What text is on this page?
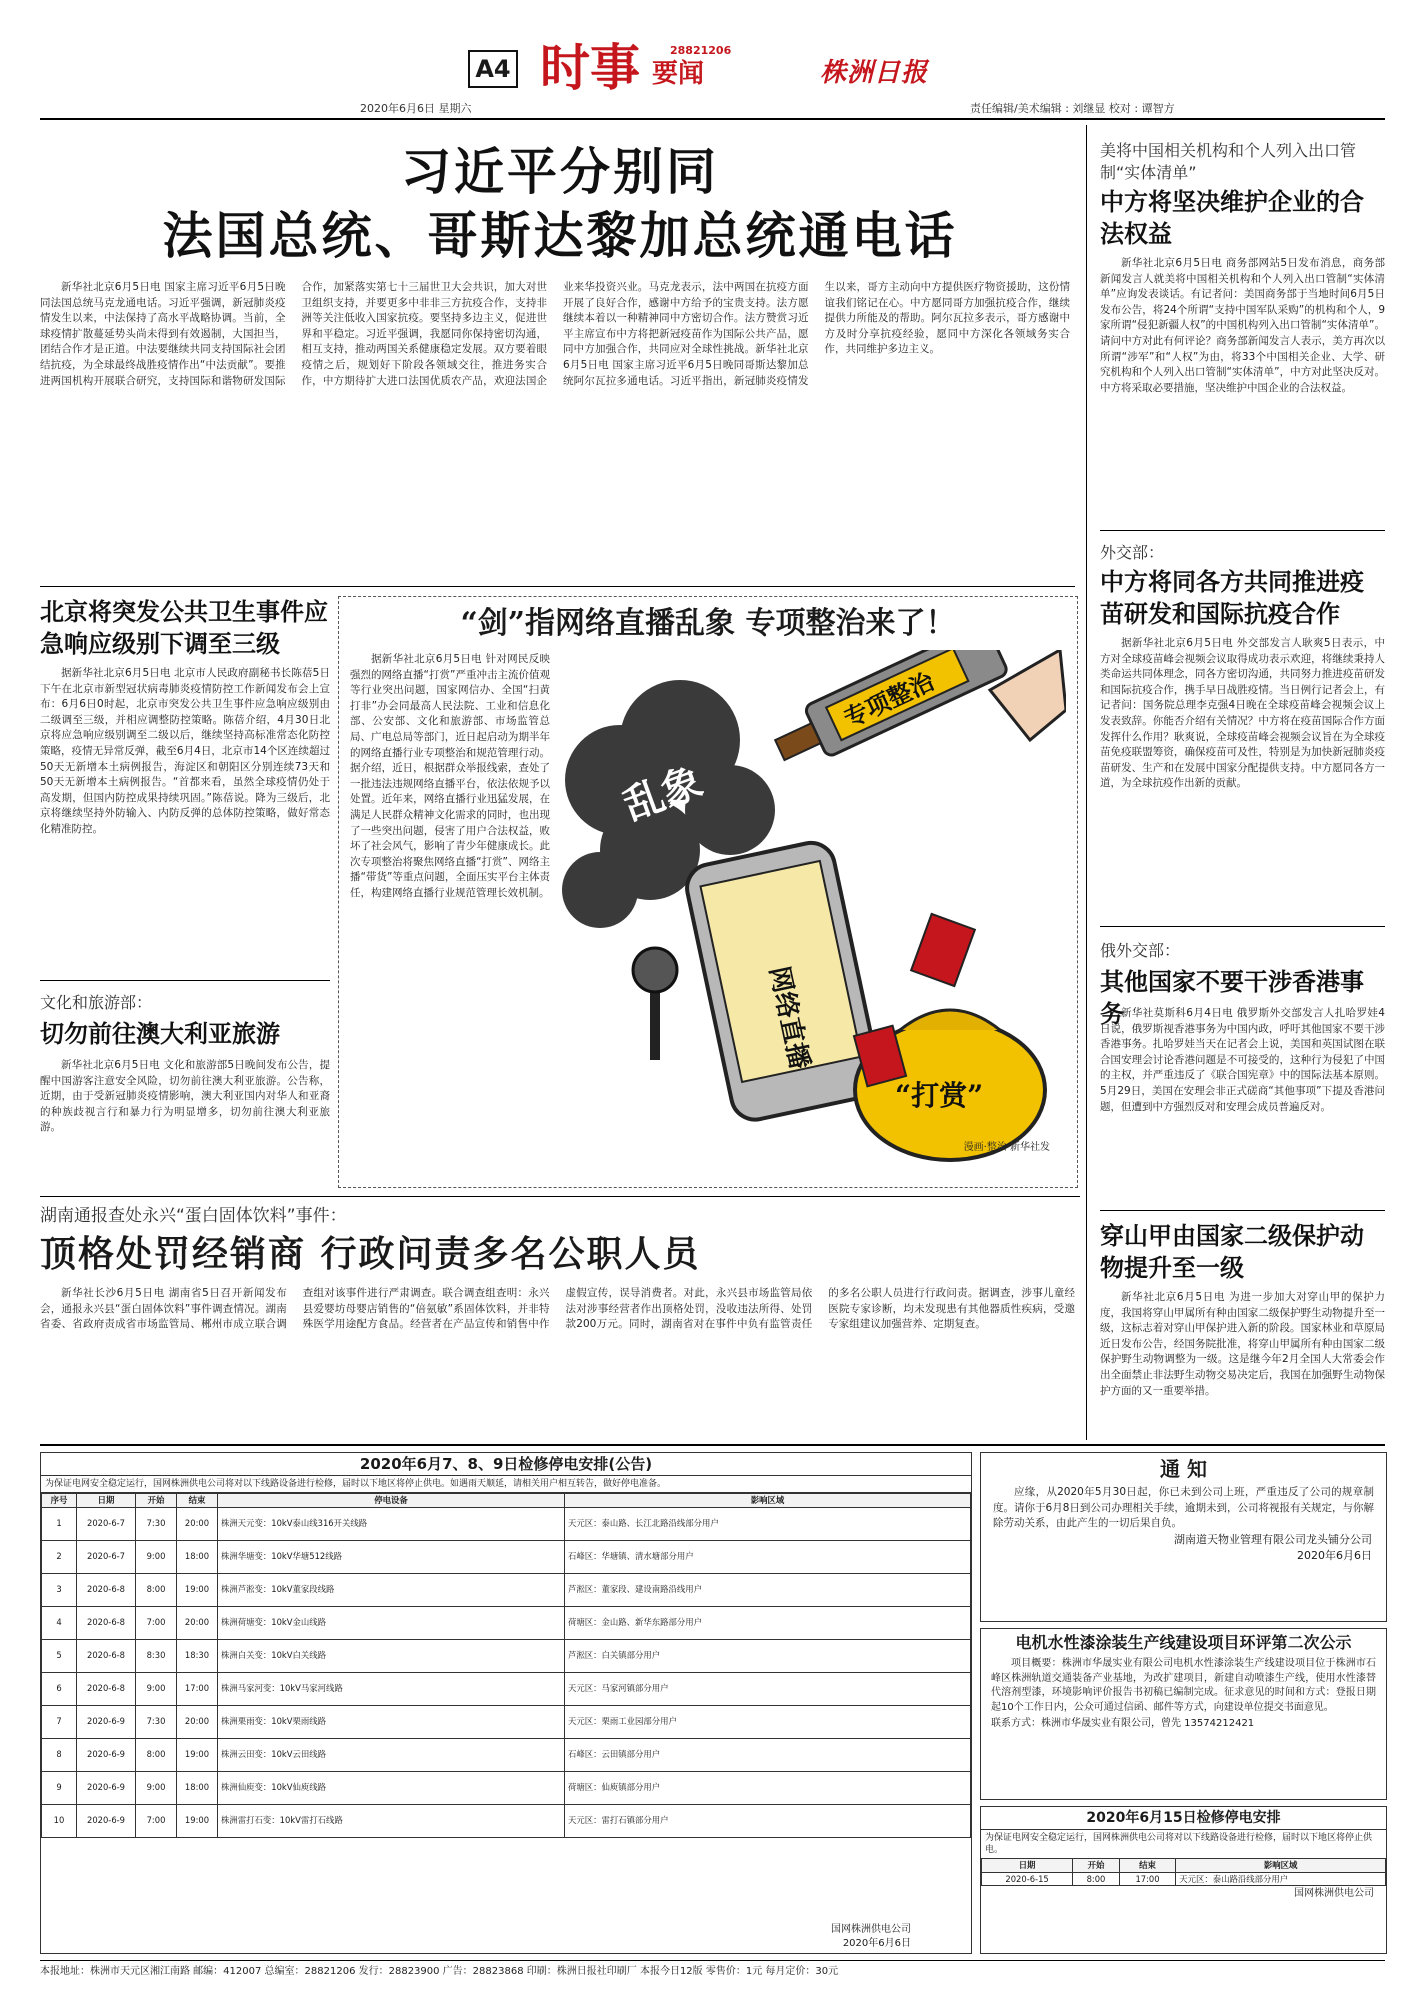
A4 时事 要闻
28821206
株洲日报
2020年6月6日 星期六	责任编辑/美术编辑 : 刘继显 校对 : 谭智方
习近平分别同
法国总统、哥斯达黎加总统通电话

新华社北京6月5日电 国家主席习近平6月5日晚同法国总统马克龙通电话。习近平强调，新冠肺炎疫情发生以来，中法保持了高水平战略协调。当前，全球疫情扩散蔓延势头尚未得到有效遏制，大国担当，团结合作才是正道。中法要继续共同支持国际社会团结抗疫，为全球最终战胜疫情作出“中法贡献”。要推进两国机构开展联合研究，支持国际和谐物研发国际合作，加紧落实第七十三届世卫大会共识，加大对世卫组织支持，并要更多中非非三方抗疫合作，支持非洲等关注低收入国家抗疫。要坚持多边主义，促进世界和平稳定。习近平强调，我愿同你保持密切沟通，相互支持，推动两国关系健康稳定发展。双方要着眼疫情之后，规划好下阶段各领域交往，推进务实合作，中方期待扩大进口法国优质农产品，欢迎法国企业来华投资兴业。马克龙表示，法中两国在抗疫方面开展了良好合作，感谢中方给予的宝贵支持。法方愿继续本着以一种精神同中方密切合作。法方赞赏习近平主席宣布中方将把新冠疫苗作为国际公共产品，愿同中方加强合作，共同应对全球性挑战。新华社北京6月5日电 国家主席习近平6月5日晚同哥斯达黎加总统阿尔瓦拉多通电话。习近平指出，新冠肺炎疫情发生以来，哥方主动向中方提供医疗物资援助，这份情谊我们铭记在心。中方愿同哥方加强抗疫合作，继续提供力所能及的帮助。阿尔瓦拉多表示，哥方感谢中方及时分享抗疫经验，愿同中方深化各领域务实合作，共同维护多边主义。

美将中国相关机构和个人列入出口管制“实体清单”
中方将坚决维护企业的合法权益

新华社北京6月5日电 商务部网站5日发布消息，商务部新闻发言人就美将中国相关机构和个人列入出口管制“实体清单”应询发表谈话。有记者问：美国商务部于当地时间6月5日发布公告，将24个所谓“支持中国军队采购”的机构和个人，9家所谓“侵犯新疆人权”的中国机构列入出口管制“实体清单”。请问中方对此有何评论？商务部新闻发言人表示，美方再次以所谓“涉军”和“人权”为由，将33个中国相关企业、大学、研究机构和个人列入出口管制“实体清单”，中方对此坚决反对。中方将采取必要措施，坚决维护中国企业的合法权益。

外交部：
中方将同各方共同推进疫苗研发和国际抗疫合作

据新华社北京6月5日电 外交部发言人耿爽5日表示，中方对全球疫苗峰会视频会议取得成功表示欢迎，将继续秉持人类命运共同体理念，同各方密切沟通，共同努力推进疫苗研发和国际抗疫合作，携手早日战胜疫情。当日例行记者会上，有记者问：国务院总理李克强4日晚在全球疫苗峰会视频会议上发表致辞。你能否介绍有关情况？中方将在疫苗国际合作方面发挥什么作用？耿爽说，全球疫苗峰会视频会议旨在为全球疫苗免疫联盟筹资，确保疫苗可及性，特别是为加快新冠肺炎疫苗研发、生产和在发展中国家分配提供支持。中方愿同各方一道，为全球抗疫作出新的贡献。

俄外交部：
其他国家不要干涉香港事务

新华社莫斯科6月4日电 俄罗斯外交部发言人扎哈罗娃4日说，俄罗斯视香港事务为中国内政，呼吁其他国家不要干涉香港事务。扎哈罗娃当天在记者会上说，美国和英国试图在联合国安理会讨论香港问题是不可接受的，这种行为侵犯了中国的主权，并严重违反了《联合国宪章》中的国际法基本原则。5月29日，美国在安理会非正式磋商“其他事项”下提及香港问题，但遭到中方强烈反对和安理会成员普遍反对。

穿山甲由国家二级保护动物提升至一级

新华社北京6月5日电 为进一步加大对穿山甲的保护力度，我国将穿山甲属所有种由国家二级保护野生动物提升至一级，这标志着对穿山甲保护进入新的阶段。国家林业和草原局近日发布公告，经国务院批准，将穿山甲属所有种由国家二级保护野生动物调整为一级。这是继今年2月全国人大常委会作出全面禁止非法野生动物交易决定后，我国在加强野生动物保护方面的又一重要举措。

北京将突发公共卫生事件应急响应级别下调至三级

据新华社北京6月5日电 北京市人民政府副秘书长陈蓓5日下午在北京市新型冠状病毒肺炎疫情防控工作新闻发布会上宣布：6月6日0时起，北京市突发公共卫生事件应急响应级别由二级调至三级，并相应调整防控策略。陈蓓介绍，4月30日北京将应急响应级别调至二级以后，继续坚持高标准常态化防控策略，疫情无异常反弹，截至6月4日，北京市14个区连续超过50天无新增本土病例报告，海淀区和朝阳区分别连续73天和50天无新增本土病例报告。“首都来看，虽然全球疫情仍处于高发期，但国内防控成果持续巩固。”陈蓓说。降为三级后，北京将继续坚持外防输入、内防反弹的总体防控策略，做好常态化精准防控。

文化和旅游部：
切勿前往澳大利亚旅游

新华社北京6月5日电 文化和旅游部5日晚间发布公告，提醒中国游客注意安全风险，切勿前往澳大利亚旅游。公告称，近期，由于受新冠肺炎疫情影响，澳大利亚国内对华人和亚裔的种族歧视言行和暴力行为明显增多，切勿前往澳大利亚旅游。

“剑”指网络直播乱象 专项整治来了！

据新华社北京6月5日电 针对网民反映强烈的网络直播“打赏”严重冲击主流价值观等行业突出问题，国家网信办、全国“扫黄打非”办会同最高人民法院、工业和信息化部、公安部、文化和旅游部、市场监管总局、广电总局等部门，近日起启动为期半年的网络直播行业专项整治和规范管理行动。据介绍，近日，根据群众举报线索，查处了一批违法违规网络直播平台，依法依规予以处置。近年来，网络直播行业迅猛发展，在满足人民群众精神文化需求的同时，也出现了一些突出问题，侵害了用户合法权益，败坏了社会风气，影响了青少年健康成长。此次专项整治将聚焦网络直播“打赏”、网络主播“带货”等重点问题，全面压实平台主体责任，构建网络直播行业规范管理长效机制。

乱象
专项整治
网络直播
“打赏”
漫画·整治 新华社发
湖南通报查处永兴“蛋白固体饮料”事件：
顶格处罚经销商 行政问责多名公职人员

新华社长沙6月5日电 湖南省5日召开新闻发布会，通报永兴县“蛋白固体饮料”事件调查情况。湖南省委、省政府责成省市场监管局、郴州市成立联合调查组对该事件进行严肃调查。联合调查组查明：永兴县爱婴坊母婴店销售的“倍氨敏”系固体饮料，并非特殊医学用途配方食品。经营者在产品宣传和销售中作虚假宣传，误导消费者。对此，永兴县市场监管局依法对涉事经营者作出顶格处罚，没收违法所得、处罚款200万元。同时，湖南省对在事件中负有监管责任的多名公职人员进行行政问责。据调查，涉事儿童经医院专家诊断，均未发现患有其他器质性疾病，受邀专家组建议加强营养、定期复查。

2020年6月7、8、9日检修停电安排(公告)
为保证电网安全稳定运行，国网株洲供电公司将对以下线路设备进行检修，届时以下地区将停止供电。如遇雨天顺延，请相关用户相互转告，做好停电准备。
序号	日期	开始	结束	停电设备	影响区域
1	2020-6-7	7:30	20:00	株洲天元变：10kV泰山线316开关线路	天元区：泰山路、长江北路沿线部分用户
2	2020-6-7	9:00	18:00	株洲华塘变：10kV华塘512线路	石峰区：华塘镇、清水塘部分用户
3	2020-6-8	8:00	19:00	株洲芦淞变：10kV董家段线路	芦淞区：董家段、建设南路沿线用户
4	2020-6-8	7:00	20:00	株洲荷塘变：10kV金山线路	荷塘区：金山路、新华东路部分用户
5	2020-6-8	8:30	18:30	株洲白关变：10kV白关线路	芦淞区：白关镇部分用户
6	2020-6-8	9:00	17:00	株洲马家河变：10kV马家河线路	天元区：马家河镇部分用户
7	2020-6-9	7:30	20:00	株洲栗雨变：10kV栗雨线路	天元区：栗雨工业园部分用户
8	2020-6-9	8:00	19:00	株洲云田变：10kV云田线路	石峰区：云田镇部分用户
9	2020-6-9	9:00	18:00	株洲仙庾变：10kV仙庾线路	荷塘区：仙庾镇部分用户
10	2020-6-9	7:00	19:00	株洲雷打石变：10kV雷打石线路	天元区：雷打石镇部分用户
国网株洲供电公司
2020年6月6日
通 知

应缘，从2020年5月30日起，你已未到公司上班，严重违反了公司的规章制度。请你于6月8日到公司办理相关手续，逾期未到，公司将视报有关规定，与你解除劳动关系，由此产生的一切后果自负。

湖南道天物业管理有限公司龙头铺分公司
2020年6月6日
电机水性漆涂装生产线建设项目环评第二次公示

项目概要：株洲市华晟实业有限公司电机水性漆涂装生产线建设项目位于株洲市石峰区株洲轨道交通装备产业基地，为改扩建项目，新建自动喷漆生产线，使用水性漆替代溶剂型漆，环境影响评价报告书初稿已编制完成。征求意见的时间和方式：登报日期起10个工作日内，公众可通过信函、邮件等方式，向建设单位提交书面意见。

联系方式：株洲市华晟实业有限公司，曾先 13574212421
2020年6月15日检修停电安排
为保证电网安全稳定运行，国网株洲供电公司将对以下线路设备进行检修，届时以下地区将停止供电。
日期	开始	结束	影响区域
2020-6-15	8:00	17:00	天元区：泰山路沿线部分用户
国网株洲供电公司
本报地址：株洲市天元区湘江南路 邮编：412007 总编室：28821206 发行：28823900 广告：28823868 印刷：株洲日报社印刷厂 本报今日12版 零售价：1元 每月定价：30元
